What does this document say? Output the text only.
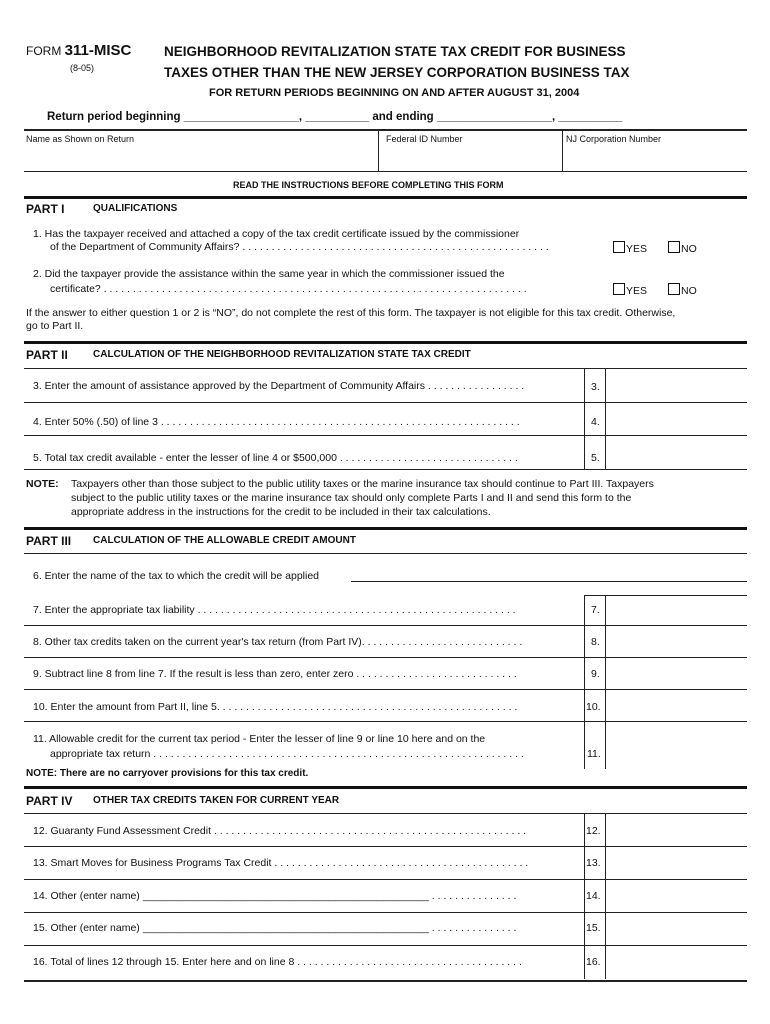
FORM 311-MISC
(8-05)
NEIGHBORHOOD REVITALIZATION STATE TAX CREDIT FOR BUSINESS
TAXES OTHER THAN THE NEW JERSEY CORPORATION BUSINESS TAX
FOR RETURN PERIODS BEGINNING ON AND AFTER AUGUST 31, 2004
Return period beginning __________________, __________ and ending __________________, __________
Name as Shown on Return	Federal ID Number	NJ Corporation Number
READ THE INSTRUCTIONS BEFORE COMPLETING THIS FORM
PART I	QUALIFICATIONS
1. Has the taxpayer received and attached a copy of the tax credit certificate issued by the commissioner
of the Department of Community Affairs? . . . . . . . . . . . . . . . . . . . . . . . . . . . . . . . . . . . . . . . . . . . . . . . . . . . . .	YES	NO
2. Did the taxpayer provide the assistance within the same year in which the commissioner issued the
certificate? . . . . . . . . . . . . . . . . . . . . . . . . . . . . . . . . . . . . . . . . . . . . . . . . . . . . . . . . . . . . . . . . . . . . . . . . .	YES	NO
If the answer to either question 1 or 2 is “NO”, do not complete the rest of this form. The taxpayer is not eligible for this tax credit. Otherwise,
go to Part II.
PART II	CALCULATION OF THE NEIGHBORHOOD REVITALIZATION STATE TAX CREDIT
3. Enter the amount of assistance approved by the Department of Community Affairs . . . . . . . . . . . . . . . . .	3.
4. Enter 50% (.50) of line 3 . . . . . . . . . . . . . . . . . . . . . . . . . . . . . . . . . . . . . . . . . . . . . . . . . . . . . . . . . . . . . .	4.
5. Total tax credit available - enter the lesser of line 4 or $500,000 . . . . . . . . . . . . . . . . . . . . . . . . . . . . . . .	5.
NOTE: Taxpayers other than those subject to the public utility taxes or the marine insurance tax should continue to Part III. Taxpayers
subject to the public utility taxes or the marine insurance tax should only complete Parts I and II and send this form to the
appropriate address in the instructions for the credit to be included in their tax calculations.
PART III CALCULATION OF THE ALLOWABLE CREDIT AMOUNT
6. Enter the name of the tax to which the credit will be applied
7. Enter the appropriate tax liability . . . . . . . . . . . . . . . . . . . . . . . . . . . . . . . . . . . . . . . . . . . . . . . . . . . . . . .	7.
8. Other tax credits taken on the current year's tax return (from Part IV). . . . . . . . . . . . . . . . . . . . . . . . . . . .	8.
9. Subtract line 8 from line 7. If the result is less than zero, enter zero . . . . . . . . . . . . . . . . . . . . . . . . . . . .	9.
10. Enter the amount from Part II, line 5. . . . . . . . . . . . . . . . . . . . . . . . . . . . . . . . . . . . . . . . . . . . . . . . . . . .	10.
11. Allowable credit for the current tax period - Enter the lesser of line 9 or line 10 here and on the
appropriate tax return . . . . . . . . . . . . . . . . . . . . . . . . . . . . . . . . . . . . . . . . . . . . . . . . . . . . . . . . . . . . . . . .	11.
NOTE: There are no carryover provisions for this tax credit.
PART IV OTHER TAX CREDITS TAKEN FOR CURRENT YEAR
12. Guaranty Fund Assessment Credit . . . . . . . . . . . . . . . . . . . . . . . . . . . . . . . . . . . . . . . . . . . . . . . . . . . . . .	12.
13. Smart Moves for Business Programs Tax Credit . . . . . . . . . . . . . . . . . . . . . . . . . . . . . . . . . . . . . . . . . . . .	13.
14. Other (enter name) _________________________________________________ . . . . . . . . . . . . . . .	14.
15. Other (enter name) _________________________________________________ . . . . . . . . . . . . . . .	15.
16. Total of lines 12 through 15. Enter here and on line 8 . . . . . . . . . . . . . . . . . . . . . . . . . . . . . . . . . . . . . . .	16.
